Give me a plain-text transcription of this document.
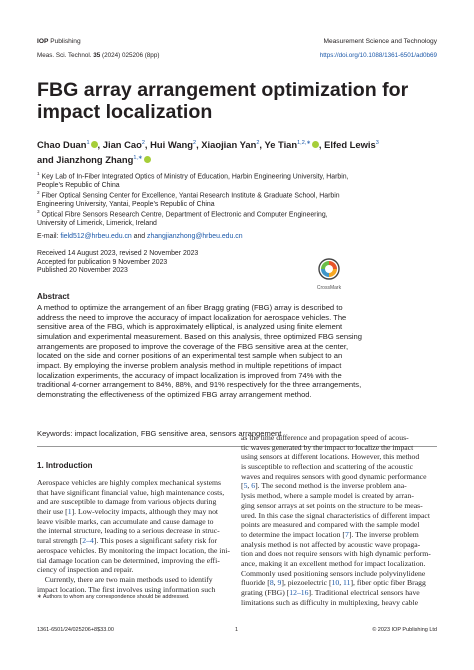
IOP Publishing	Measurement Science and Technology
Meas. Sci. Technol. 35 (2024) 025206 (8pp)	https://doi.org/10.1088/1361-6501/ad0b69
FBG array arrangement optimization for
impact localization
Chao Duan$^1$ , Jian Cao$^2$, Hui Wang$^2$, Xiaojian Yan$^2$, Ye Tian$^{1,2,∗}$ , Elfed Lewis$^3$
and Jianzhong Zhang$^{1,∗}$
$^1$ Key Lab of In-Fiber Integrated Optics of Ministry of Education, Harbin Engineering University, Harbin,
People’s Republic of China
$^2$ Fiber Optical Sensing Center for Excellence, Yantai Research Institute & Graduate School, Harbin
Engineering University, Yantai, People’s Republic of China
$^3$ Optical Fibre Sensors Research Centre, Department of Electronic and Computer Engineering,
University of Limerick, Limerick, Ireland
E-mail: field512@hrbeu.edu.cn and zhangjianzhong@hrbeu.edu.cn
Received 14 August 2023, revised 2 November 2023
Accepted for publication 9 November 2023
Published 20 November 2023
CrossMark
Abstract
A method to optimize the arrangement of an fiber Bragg grating (FBG) array is described to
address the need to improve the accuracy of impact localization for aerospace vehicles. The
sensitive area of the FBG, which is approximately elliptical, is analyzed using finite element
simulation and experimental measurement. Based on this analysis, three optimized FBG sensing
arrangements are proposed to improve the coverage of the FBG sensitive area at the center,
located on the side and corner positions of an experimental test sample when subject to an
impact. By employing the inverse problem analysis method in multiple repetitions of impact
localization experiments, the accuracy of impact localization is improved from 74% with the
traditional 4-corner arrangement to 84%, 88%, and 91% respectively for the three arrangements,
demonstrating the effectiveness of the optimized FBG array arrangement method.
Keywords: impact localization, FBG sensitive area, sensors arrangement
1. Introduction
Aerospace vehicles are highly complex mechanical systems
that have significant financial value, high maintenance costs,
and are susceptible to damage from various objects during
their use [1]. Low-velocity impacts, although they may not
leave visible marks, can accumulate and cause damage to
the internal structure, leading to a serious decrease in struc-
tural strength [2–4]. This poses a significant safety risk for
aerospace vehicles. By monitoring the impact location, the ini-
tial damage location can be determined, improving the effi-
ciency of inspection and repair.
Currently, there are two main methods used to identify
impact location. The first involves using information such
as the time difference and propagation speed of acous-
tic waves generated by the impact to localize the impact
using sensors at different locations. However, this method
is susceptible to reflection and scattering of the acoustic
waves and requires sensors with good dynamic performance
[5, 6]. The second method is the inverse problem ana-
lysis method, where a sample model is created by arran-
ging sensor arrays at set points on the structure to be meas-
ured. In this case the signal characteristics of different impact
points are measured and compared with the sample model
to determine the impact location [7]. The inverse problem
analysis method is not affected by acoustic wave propaga-
tion and does not require sensors with high dynamic perform-
ance, making it an excellent method for impact localization.
Commonly used positioning sensors include polyvinylidene
fluoride [8, 9], piezoelectric [10, 11], fiber optic fiber Bragg
grating (FBG) [12–16]. Traditional electrical sensors have
limitations such as difficulty in multiplexing, heavy cable
∗ Authors to whom any correspondence should be addressed.
1361-6501/24/025206+8$33.00	1	© 2023 IOP Publishing Ltd
